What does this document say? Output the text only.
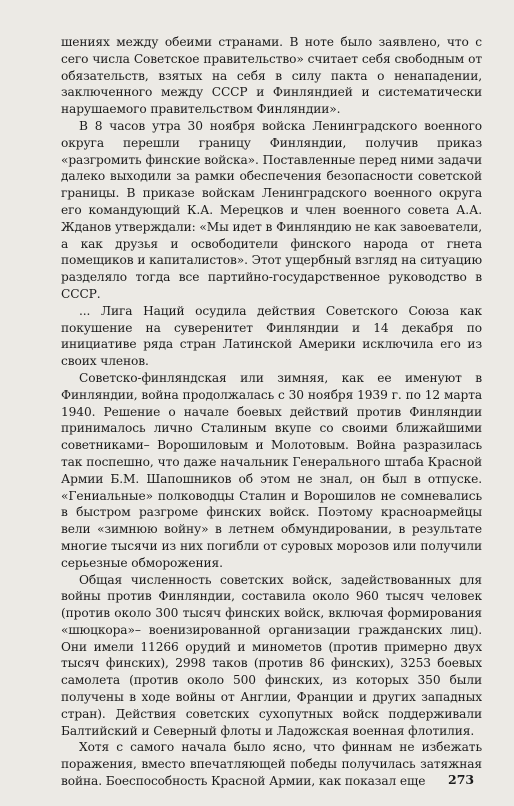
шениях между обеими странами. В ноте было заявлено, что с сего числа Советское правительство» считает себя свободным от обязательств, взятых на себя в силу пакта о ненападении, заключенного между СССР и Финляндией и систематически нарушаемого правительством Финляндии».

В 8 часов утра 30 ноября войска Ленинградского военного округа перешли границу Финляндии, получив приказ «разгромить финские войска». Поставленные перед ними задачи далеко выходили за рамки обеспечения безопасности советской границы. В приказе войскам Ленинградского военного округа его командующий К.А. Мерецков и член военного совета А.А. Жданов утверждали: «Мы идет в Финляндию не как завоеватели, а как друзья и освободители финского народа от гнета помещиков и капиталистов». Этот ущербный взгляд на ситуацию разделяло тогда все партийно-государственное руководство в СССР.

... Лига Наций осудила действия Советского Союза как покушение на суверенитет Финляндии и 14 декабря по инициативе ряда стран Латинской Америки исключила его из своих членов.

Советско-финляндская или зимняя, как ее именуют в Финляндии, война продолжалась с 30 ноября 1939 г. по 12 марта 1940. Решение о начале боевых действий против Финляндии принималось лично Сталиным вкупе со своими ближайшими советниками– Ворошиловым и Молотовым. Война разразилась так поспешно, что даже начальник Генерального штаба Красной Армии Б.М. Шапошников об этом не знал, он был в отпуске. «Гениальные» полководцы Сталин и Ворошилов не сомневались в быстром разгроме финских войск. Поэтому красноармейцы вели «зимнюю войну» в летнем обмундировании, в результате многие тысячи из них погибли от суровых морозов или получили серьезные обморожения.

Общая численность советских войск, задействованных для войны против Финляндии, составила около 960 тысяч человек (против около 300 тысяч финских войск, включая формирования «шюцкора»– военизированной организации гражданских лиц). Они имели 11266 орудий и минометов (против примерно двух тысяч финских), 2998 таков (против 86 финских), 3253 боевых самолета (против около 500 финских, из которых 350 были получены в ходе войны от Англии, Франции и других западных стран). Действия советских сухопутных войск поддерживали Балтийский и Северный флоты и Ладожская военная флотилия.

Хотя с самого начала было ясно, что финнам не избежать поражения, вместо впечатляющей победы получилась затяжная война. Боеспособность Красной Армии, как показал еще	273
